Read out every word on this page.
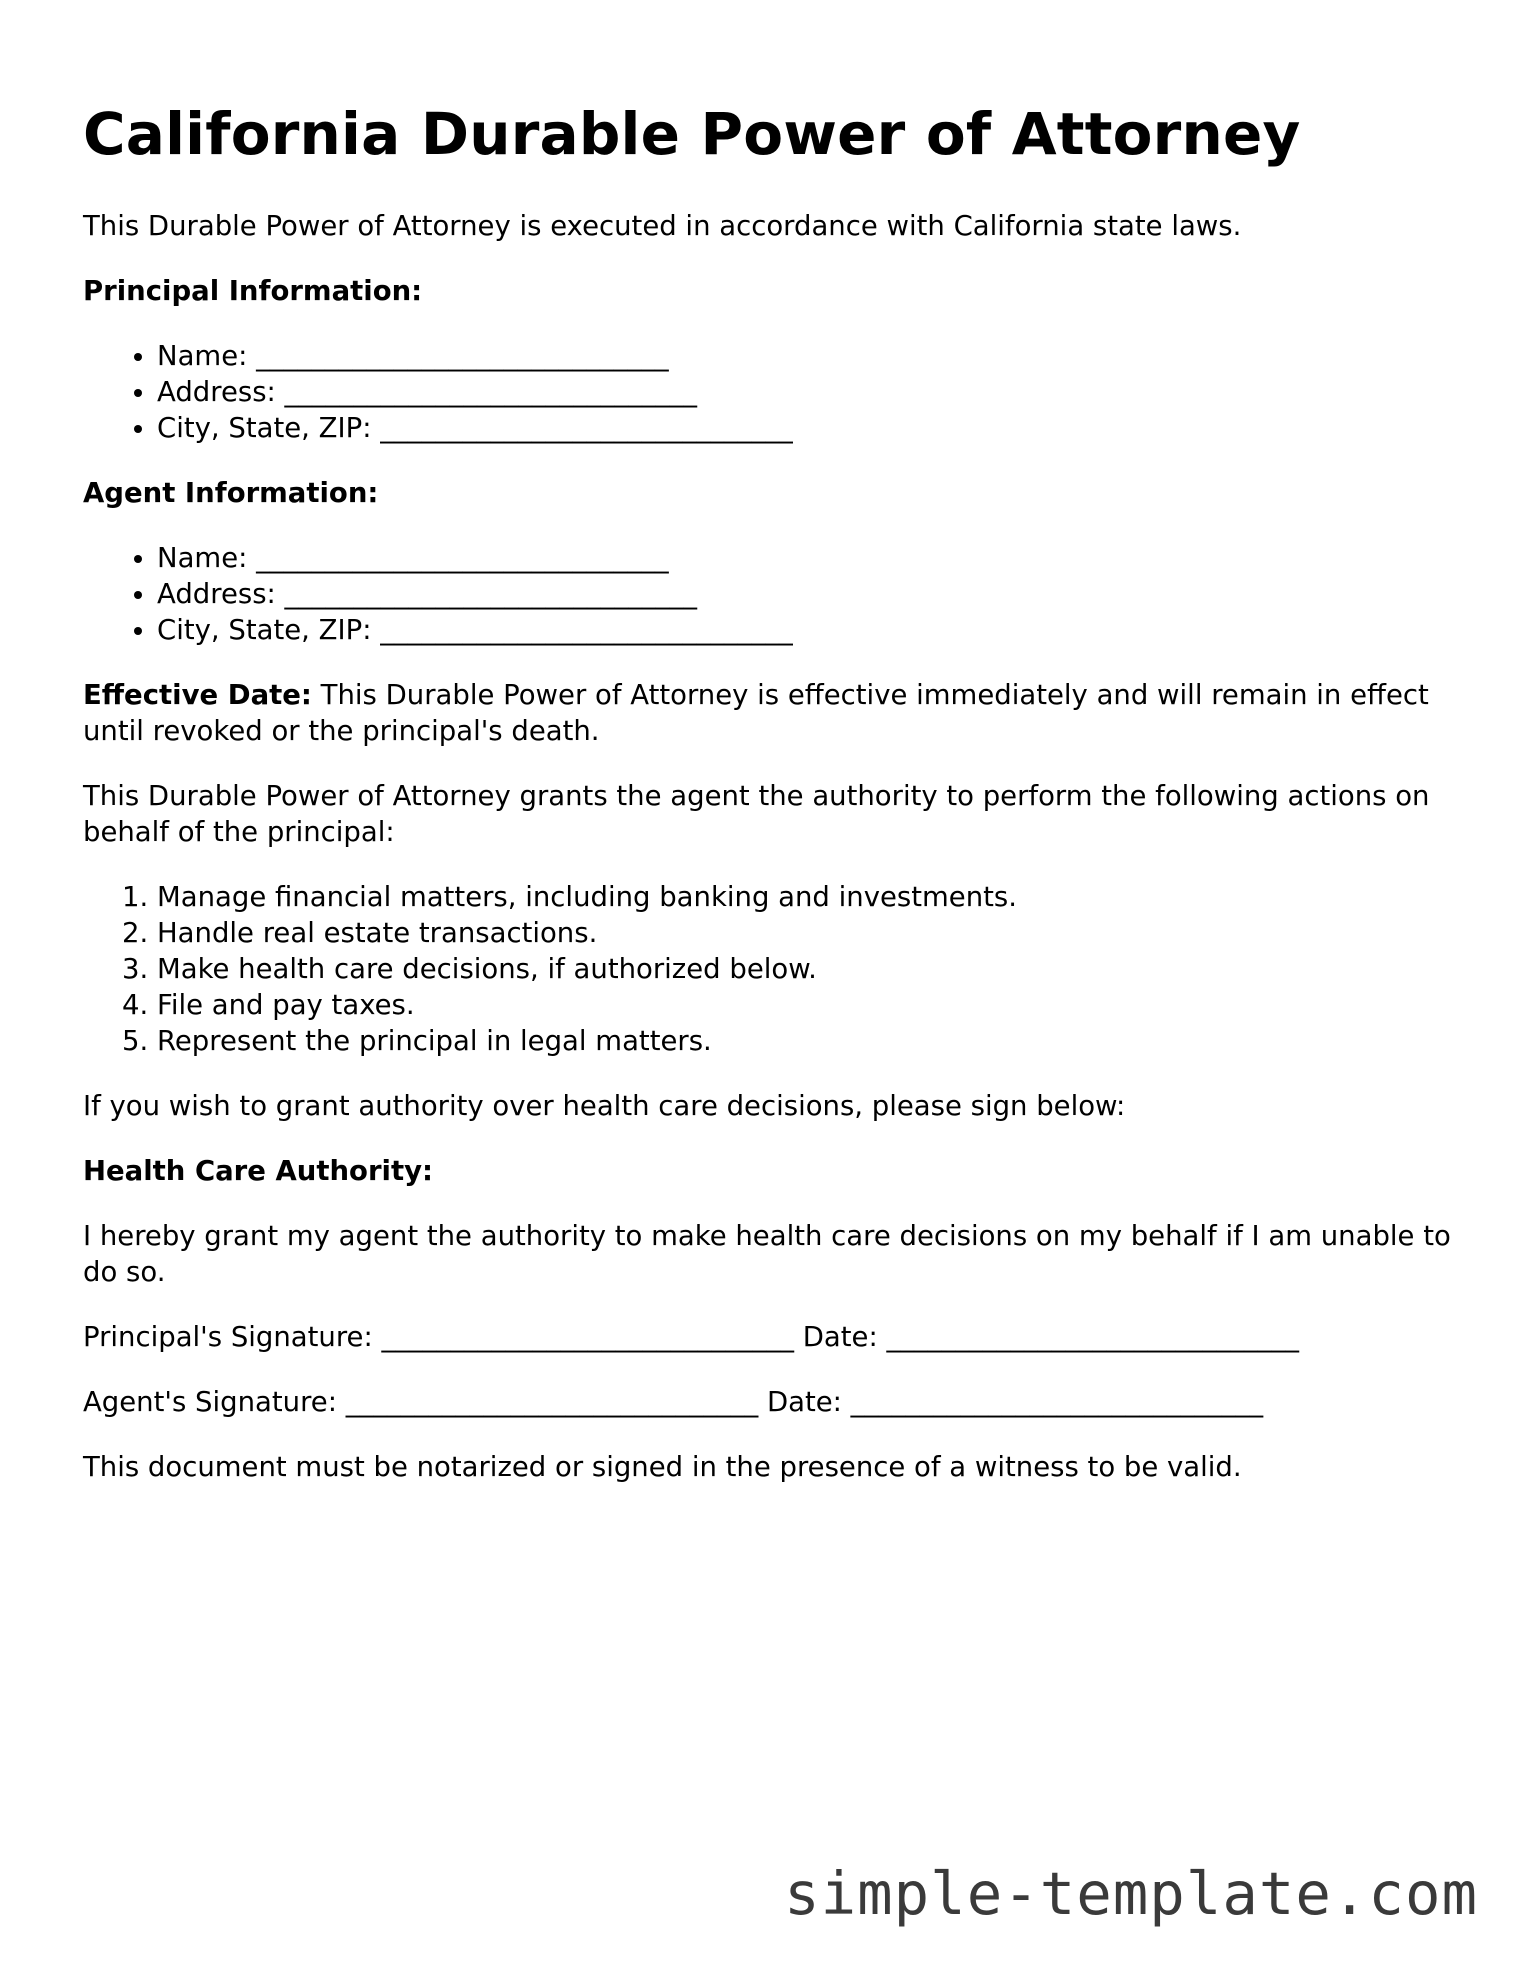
California Durable Power of Attorney

This Durable Power of Attorney is executed in accordance with California state laws.

Principal Information:

• Name: ______________________________
• Address: ______________________________
• City, State, ZIP: ______________________________

Agent Information:

• Name: ______________________________
• Address: ______________________________
• City, State, ZIP: ______________________________

Effective Date: This Durable Power of Attorney is effective immediately and will remain in effect until revoked or the principal's death.

This Durable Power of Attorney grants the agent the authority to perform the following actions on behalf of the principal:

1. Manage financial matters, including banking and investments.
2. Handle real estate transactions.
3. Make health care decisions, if authorized below.
4. File and pay taxes.
5. Represent the principal in legal matters.

If you wish to grant authority over health care decisions, please sign below:

Health Care Authority:

I hereby grant my agent the authority to make health care decisions on my behalf if I am unable to do so.

Principal's Signature: ______________________________ Date: ______________________________

Agent's Signature: ______________________________ Date: ______________________________

This document must be notarized or signed in the presence of a witness to be valid.

simple-template.com
